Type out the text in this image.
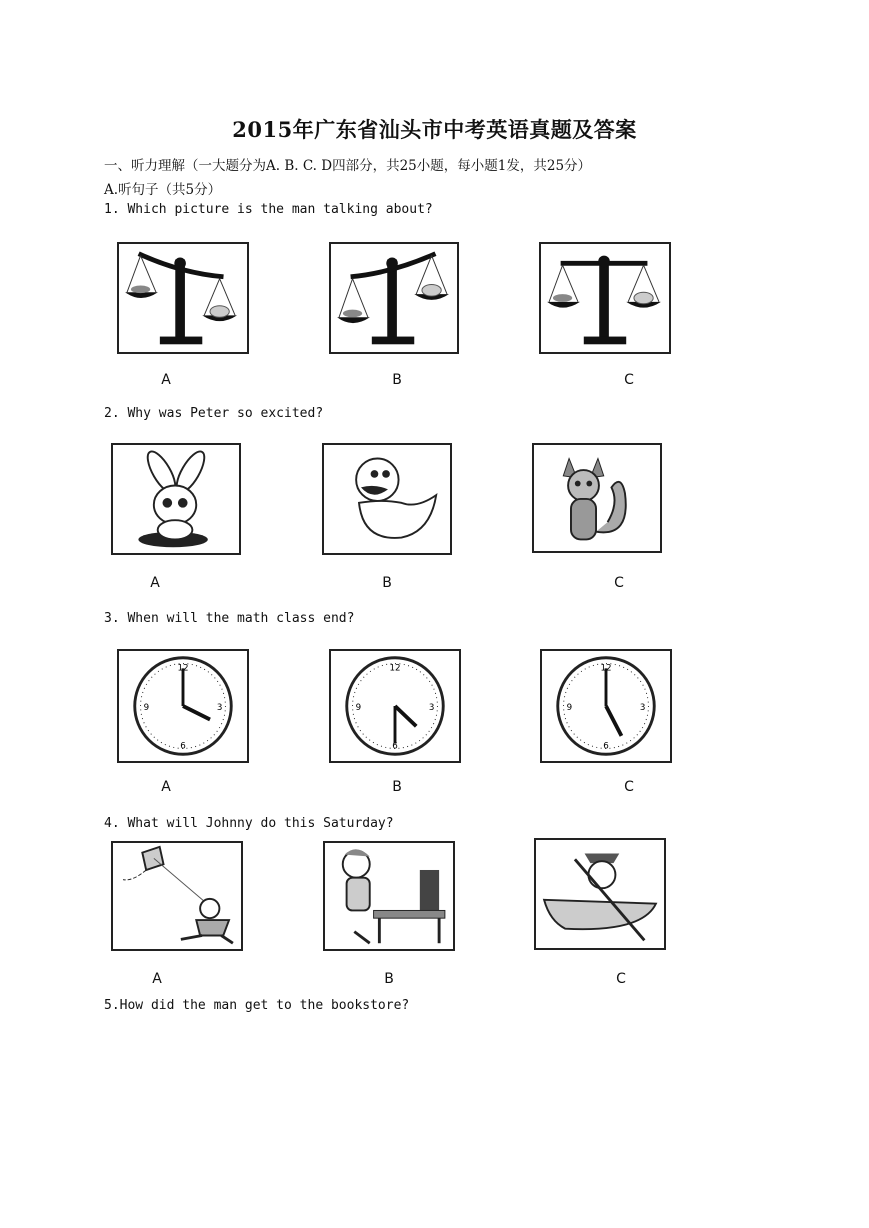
2015年广东省汕头市中考英语真题及答案
一、听力理解（一大题分为A. B. C. D四部分，共25小题，每小题1发，共25分）
A.听句子（共5分）
1. Which picture is the man talking about?
A	B	C
2. Why was Peter so excited?
A	B	C
3. When will the math class end?
12
3
6
9
12
3
6
9
12
3
6
9
A	B	C
4. What will Johnny do this Saturday?
A	B	C
5.How did the man get to the bookstore?
